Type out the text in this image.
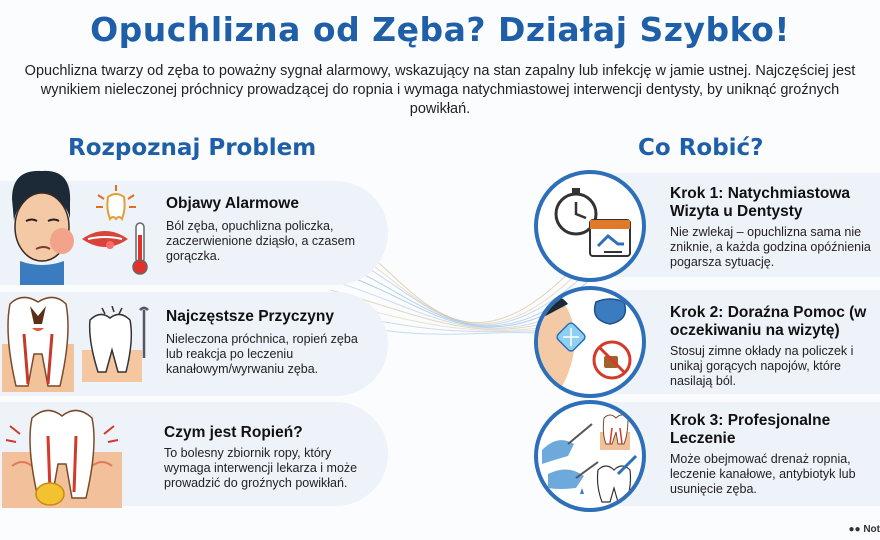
Opuchlizna od Zęba? Działaj Szybko!
Opuchlizna twarzy od zęba to poważny sygnał alarmowy, wskazujący na stan zapalny lub infekcję w jamie ustnej. Najczęściej jest wynikiem nieleczonej próchnicy prowadzącej do ropnia i wymaga natychmiastowej interwencji dentysty, by uniknąć groźnych powikłań.
Rozpoznaj Problem
Objawy Alarmowe
Ból zęba, opuchlizna policzka, zaczerwienione dziąsło, a czasem gorączka.
Najczęstsze Przyczyny
Nieleczona próchnica, ropień zęba lub reakcja po leczeniu kanałowym/wyrwaniu zęba.
Czym jest Ropień?
To bolesny zbiornik ropy, który wymaga interwencji lekarza i może prowadzić do groźnych powikłań.
Co Robić?
Krok 1: Natychmiastowa Wizyta u Dentysty
Nie zwlekaj – opuchlizna sama nie zniknie, a każda godzina opóźnienia pogarsza sytuację.
Krok 2: Doraźna Pomoc (w oczekiwaniu na wizytę)
Stosuj zimne okłady na policzek i unikaj gorących napojów, które nasilają ból.
Krok 3: Profesjonalne Leczenie
Może obejmować drenaż ropnia, leczenie kanałowe, antybiotyk lub usunięcie zęba.
●● Not
